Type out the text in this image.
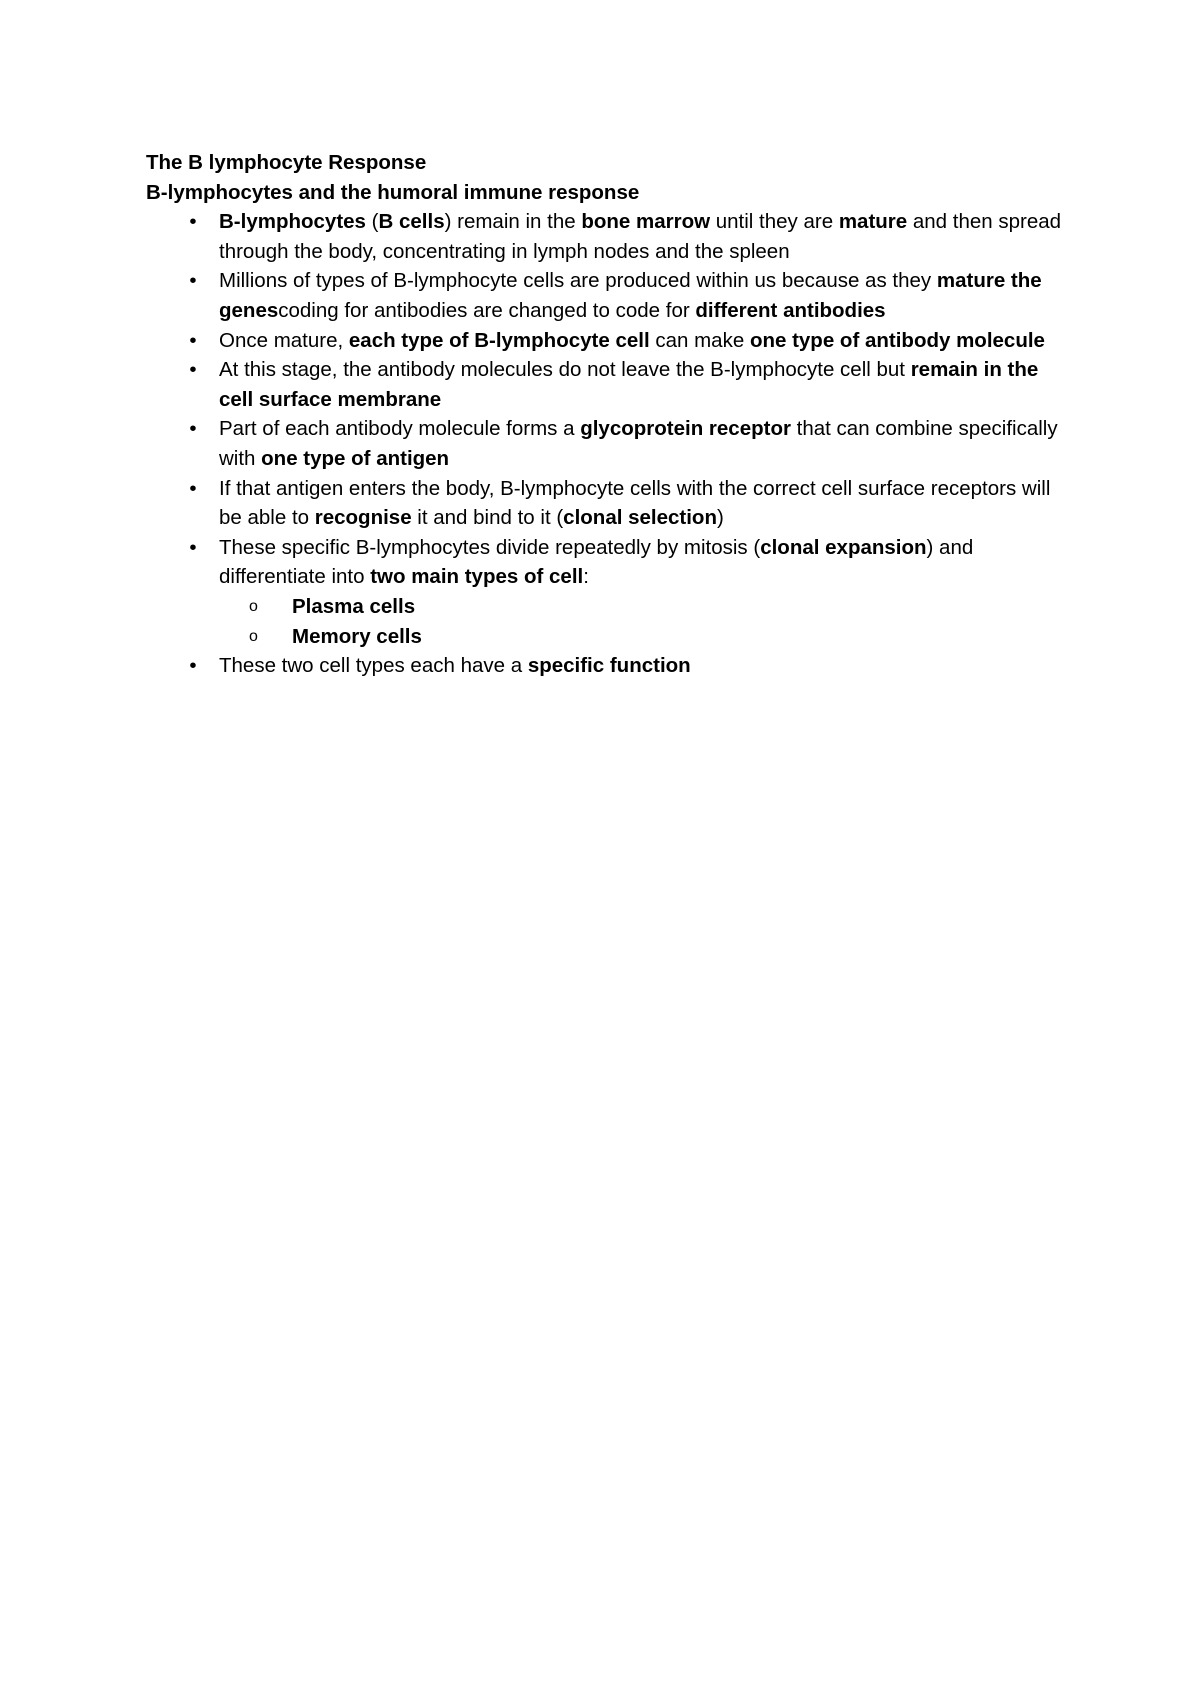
The B lymphocyte Response

B-lymphocytes and the humoral immune response

•	B-lymphocytes (B cells) remain in the bone marrow until they are mature and then spread through the body, concentrating in lymph nodes and the spleen
•	Millions of types of B-lymphocyte cells are produced within us because as they mature the genescoding for antibodies are changed to code for different antibodies
•	Once mature, each type of B-lymphocyte cell can make one type of antibody molecule
•	At this stage, the antibody molecules do not leave the B-lymphocyte cell but remain in the cell surface membrane
•	Part of each antibody molecule forms a glycoprotein receptor that can combine specifically with one type of antigen
•	If that antigen enters the body, B-lymphocyte cells with the correct cell surface receptors will be able to recognise it and bind to it (clonal selection)
•	These specific B-lymphocytes divide repeatedly by mitosis (clonal expansion) and differentiate into two main types of cell:
o Plasma cells
o Memory cells
•	These two cell types each have a specific function
